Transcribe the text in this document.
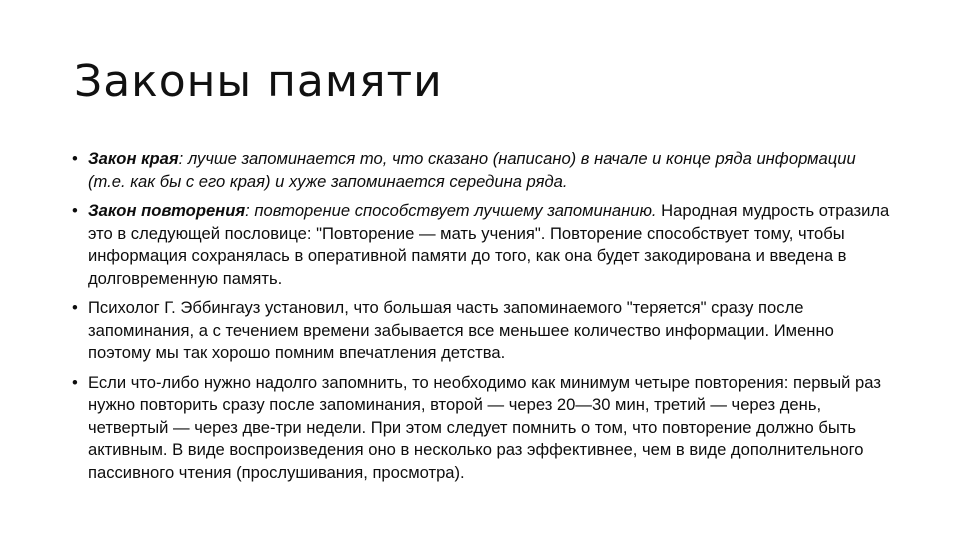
Законы памяти
• Закон края: лучше запоминается то, что сказано (написано) в начале и конце ряда информации (т.е. как бы с его края) и хуже запоминается середина ряда.
• Закон повторения: повторение способствует лучшему запоминанию. Народная мудрость отразила это в следующей пословице: "Повторение — мать учения". Повторение способствует тому, чтобы информация сохранялась в оперативной памяти до того, как она будет закодирована и введена в долговременную память.
• Психолог Г. Эббингауз установил, что большая часть запоминаемого "теряется" сразу после запоминания, а с течением времени забывается все меньшее количество информации. Именно поэтому мы так хорошо помним впечатления детства.
• Если что-либо нужно надолго запомнить, то необходимо как минимум четыре повторения: первый раз нужно повторить сразу после запоминания, второй — через 20—30 мин, третий — через день, четвертый — через две-три недели. При этом следует помнить о том, что повторение должно быть активным. В виде воспроизведения оно в несколько раз эффективнее, чем в виде дополнительного пассивного чтения (прослушивания, просмотра).
